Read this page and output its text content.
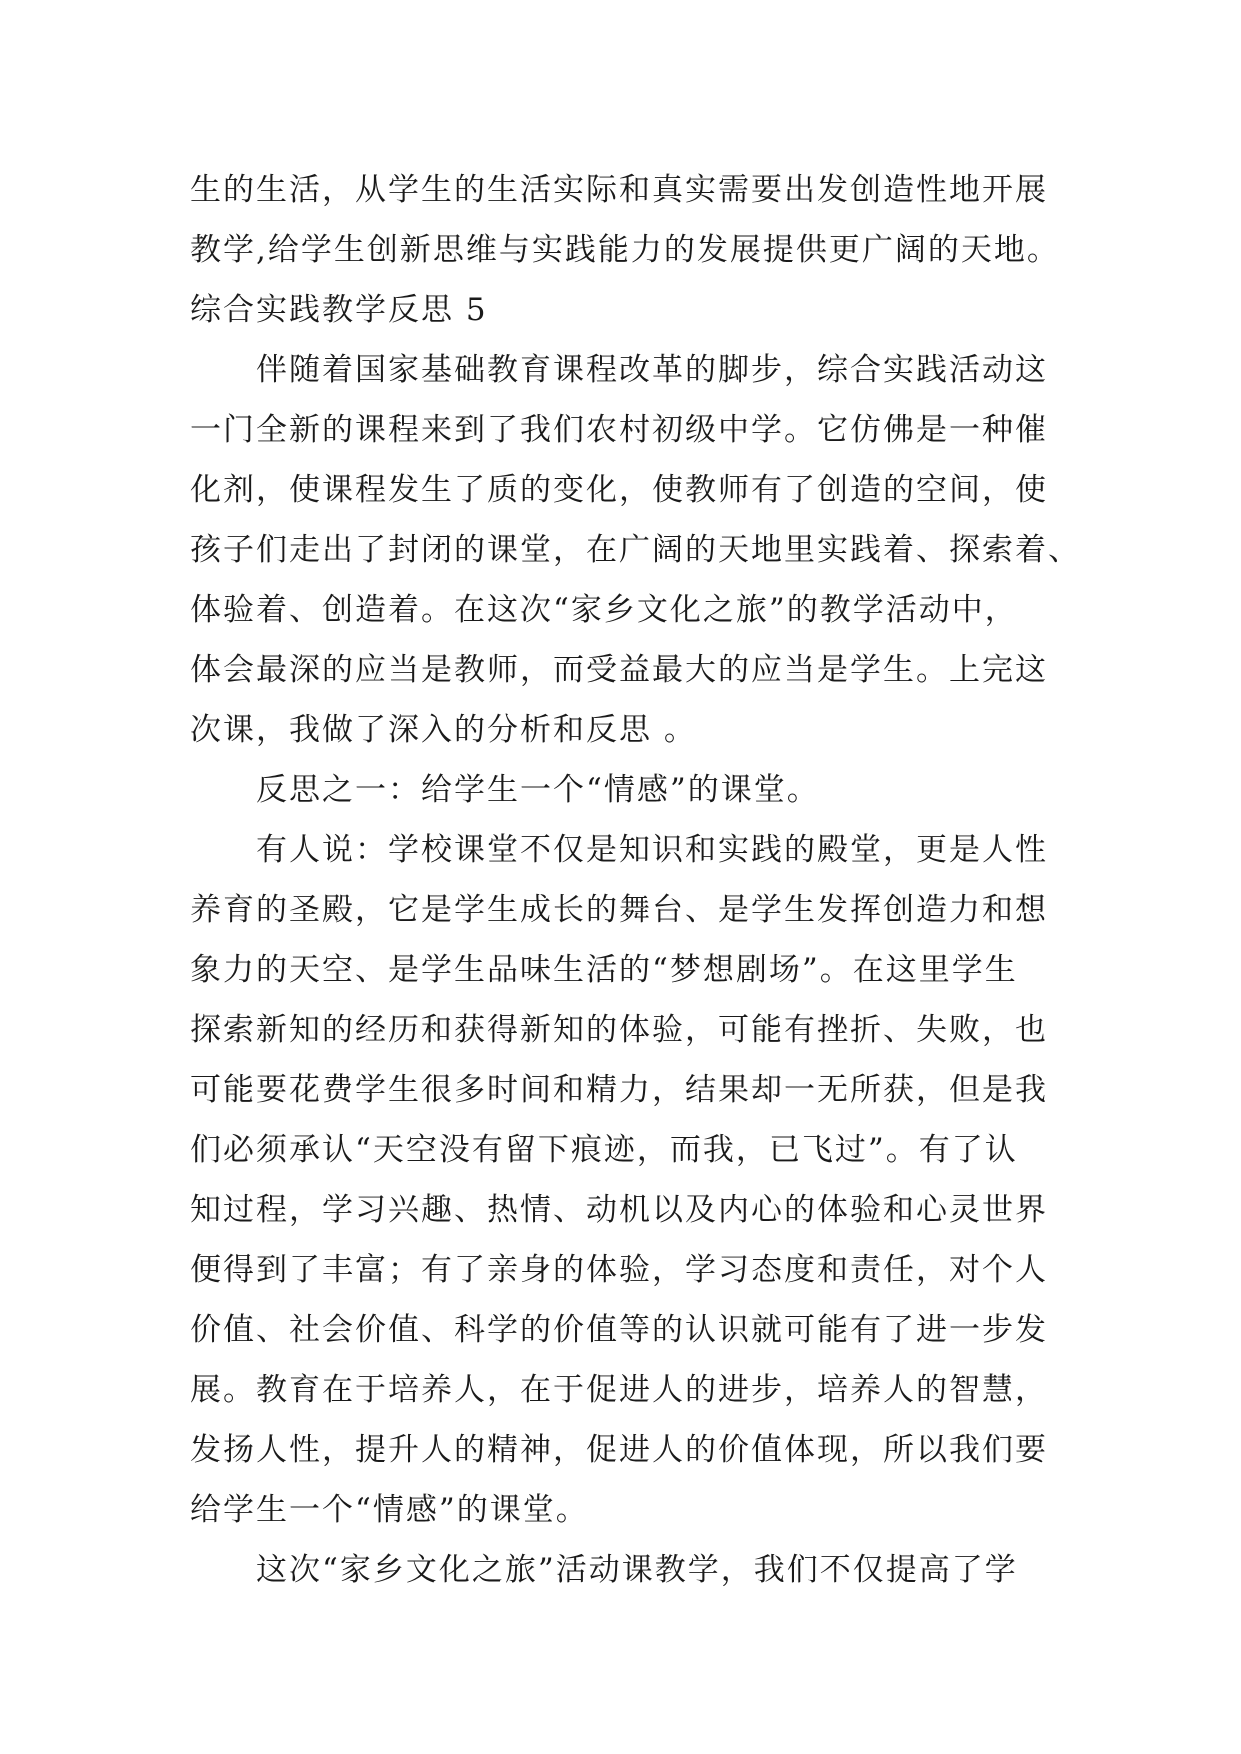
生的生活，从学生的生活实际和真实需要出发创造性地开展
教学,给学生创新思维与实践能力的发展提供更广阔的天地。
综合实践教学反思 5
伴随着国家基础教育课程改革的脚步，综合实践活动这
一门全新的课程来到了我们农村初级中学。它仿佛是一种催
化剂，使课程发生了质的变化，使教师有了创造的空间，使
孩子们走出了封闭的课堂，在广阔的天地里实践着、探索着、
体验着、创造着。在这次“家乡文化之旅”的教学活动中，
体会最深的应当是教师，而受益最大的应当是学生。上完这
次课，我做了深入的分析和反思 。
反思之一：给学生一个“情感”的课堂。
有人说：学校课堂不仅是知识和实践的殿堂，更是人性
养育的圣殿，它是学生成长的舞台、是学生发挥创造力和想
象力的天空、是学生品味生活的“梦想剧场”。在这里学生
探索新知的经历和获得新知的体验，可能有挫折、失败，也
可能要花费学生很多时间和精力，结果却一无所获，但是我
们必须承认“天空没有留下痕迹，而我，已飞过”。有了认
知过程，学习兴趣、热情、动机以及内心的体验和心灵世界
便得到了丰富；有了亲身的体验，学习态度和责任，对个人
价值、社会价值、科学的价值等的认识就可能有了进一步发
展。教育在于培养人，在于促进人的进步，培养人的智慧，
发扬人性，提升人的精神，促进人的价值体现，所以我们要
给学生一个“情感”的课堂。
这次“家乡文化之旅”活动课教学，我们不仅提高了学
